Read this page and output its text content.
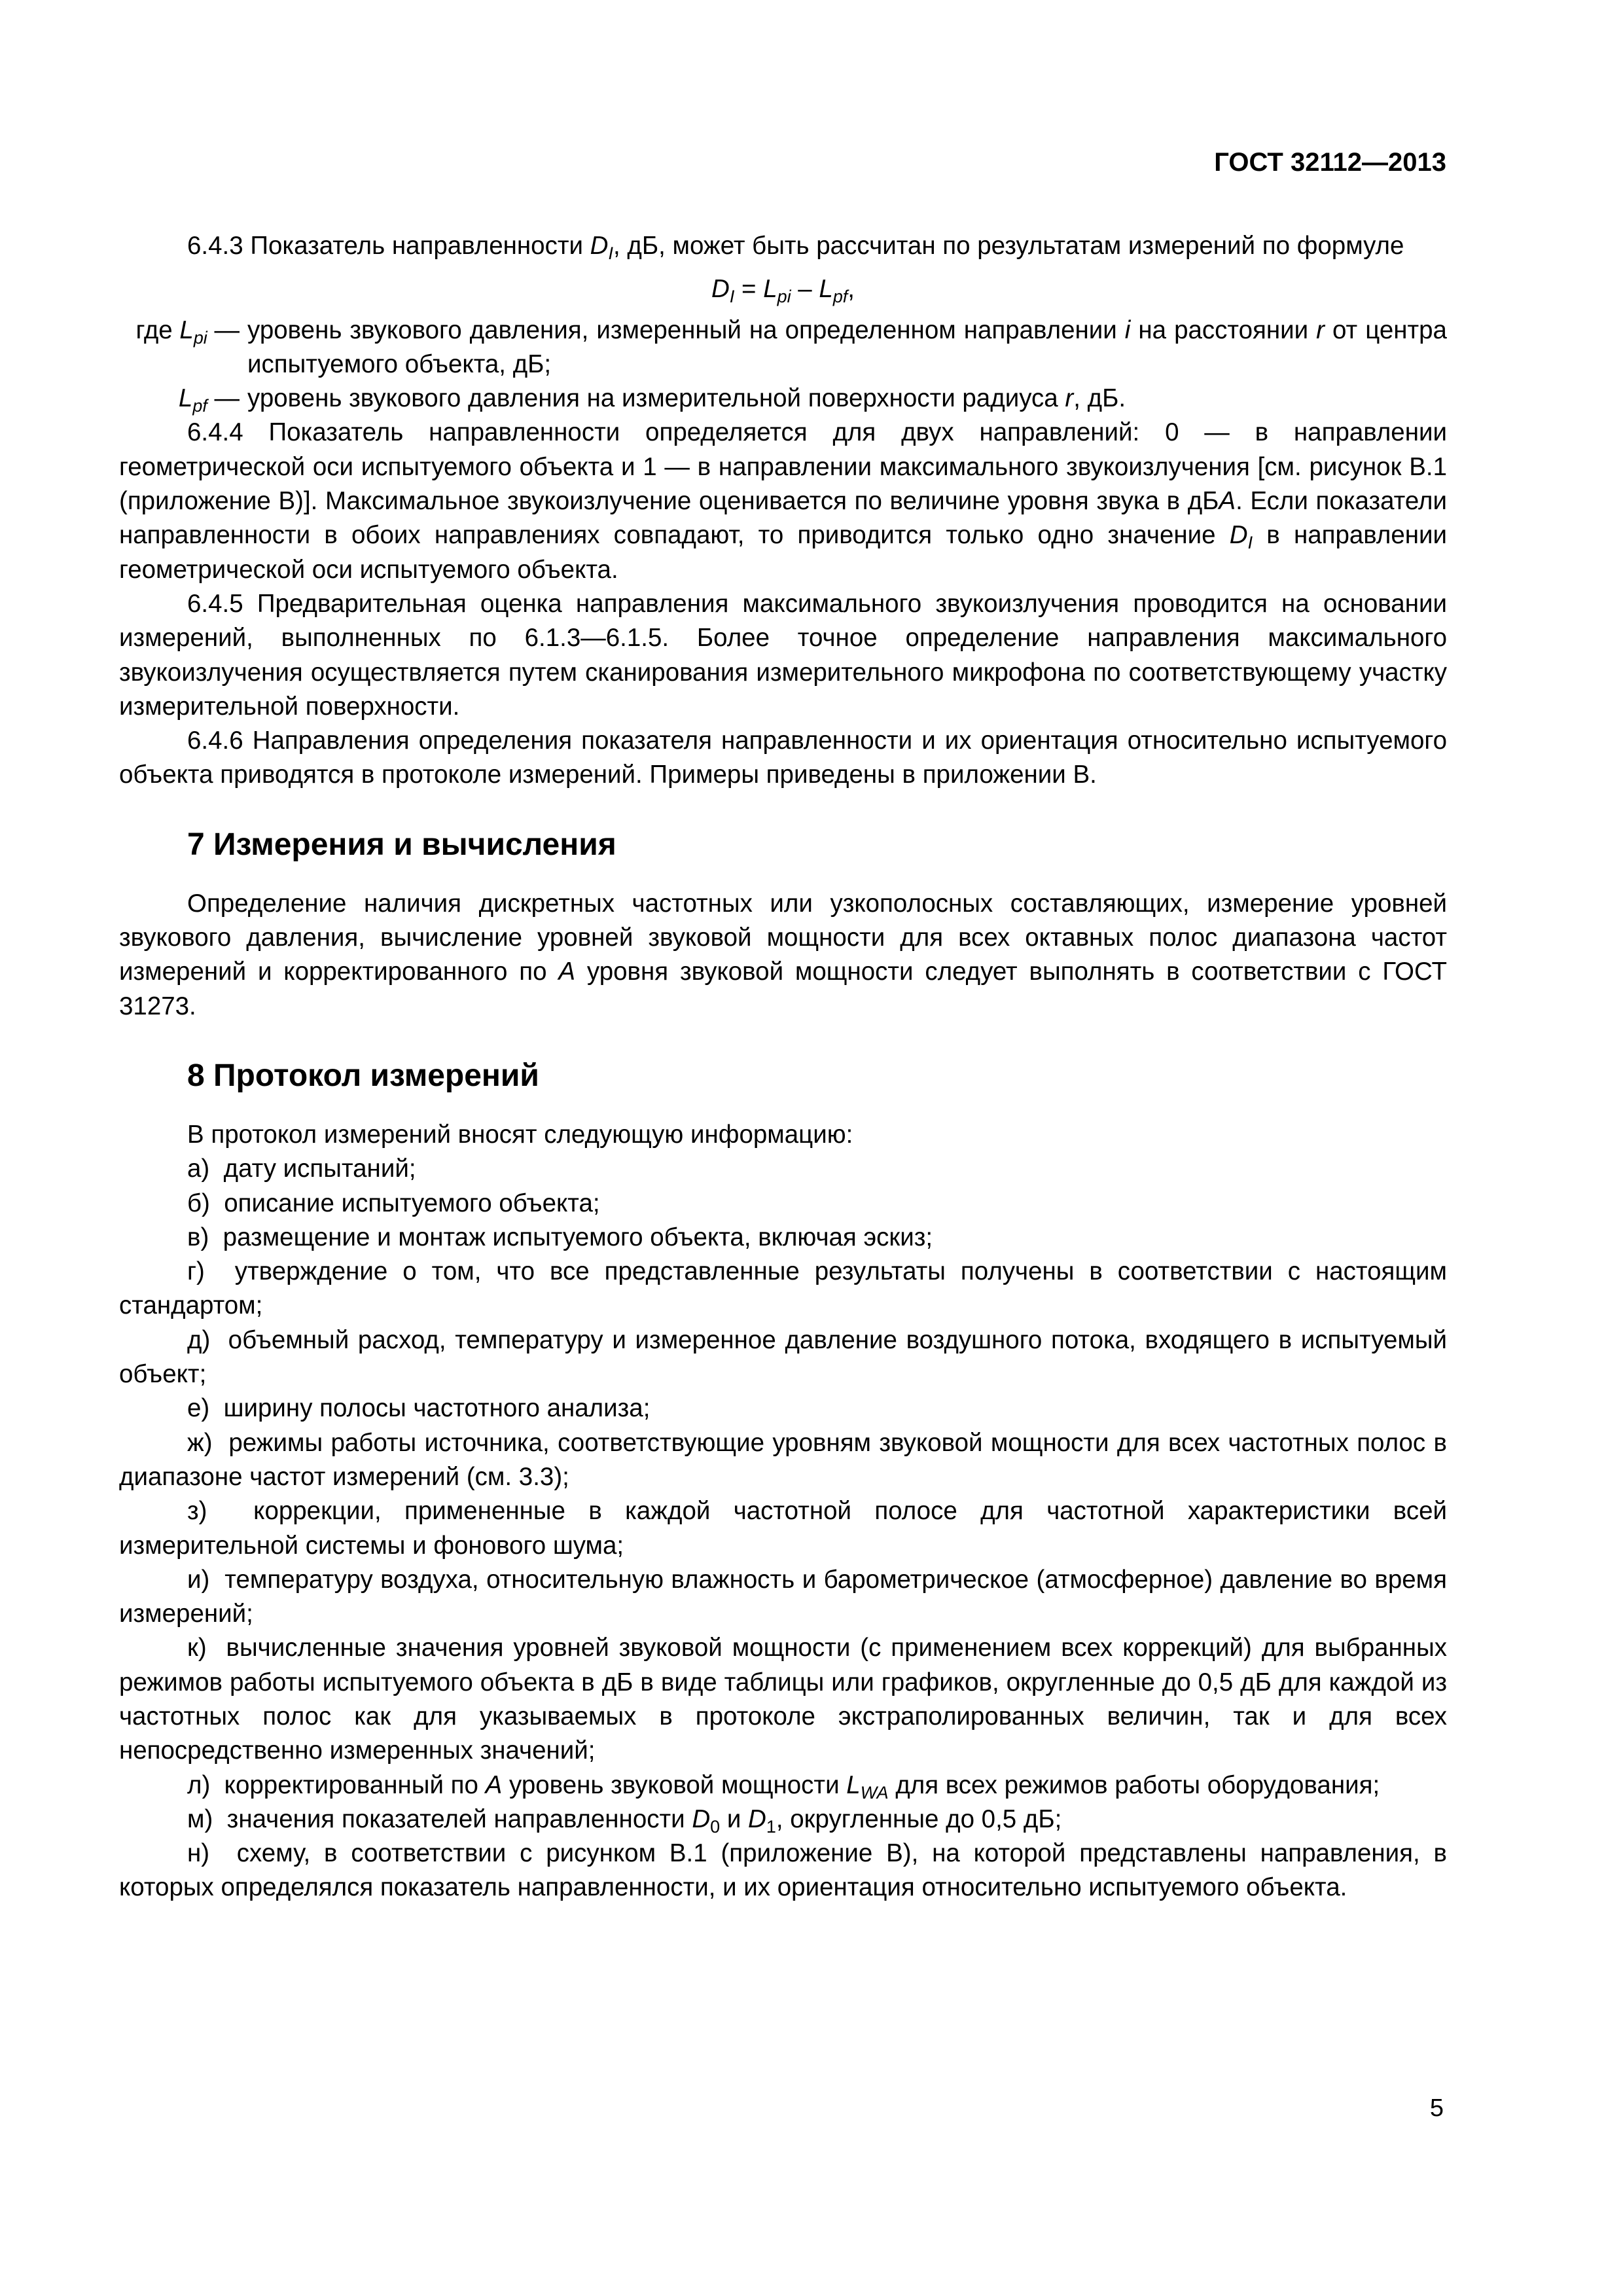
ГОСТ 32112—2013

6.4.3 Показатель направленности $D_I$, дБ, может быть рассчитан по результатам измерений по формуле

$D_I = L_{pi} - L_{pf}$,
где $L_{pi}$ — уровень звукового давления, измеренный на определенном направлении i на расстоянии r от центра испытуемого объекта, дБ;
$L_{pf}$ — уровень звукового давления на измерительной поверхности радиуса r, дБ.

6.4.4 Показатель направленности определяется для двух направлений: 0 — в направлении геометрической оси испытуемого объекта и 1 — в направлении максимального звукоизлучения [см. рисунок В.1 (приложение В)]. Максимальное звукоизлучение оценивается по величине уровня звука в дБA. Если показатели направленности в обоих направлениях совпадают, то приводится только одно значение $D_I$ в направлении геометрической оси испытуемого объекта.

6.4.5 Предварительная оценка направления максимального звукоизлучения проводится на основании измерений, выполненных по 6.1.3—6.1.5. Более точное определение направления максимального звукоизлучения осуществляется путем сканирования измерительного микрофона по соответствующему участку измерительной поверхности.

6.4.6 Направления определения показателя направленности и их ориентация относительно испытуемого объекта приводятся в протоколе измерений. Примеры приведены в приложении В.

7 Измерения и вычисления

Определение наличия дискретных частотных или узкополосных составляющих, измерение уровней звукового давления, вычисление уровней звуковой мощности для всех октавных полос диапазона частот измерений и корректированного по A уровня звуковой мощности следует выполнять в соответствии с ГОСТ 31273.

8 Протокол измерений

В протокол измерений вносят следующую информацию:

а)  дату испытаний;

б)  описание испытуемого объекта;

в)  размещение и монтаж испытуемого объекта, включая эскиз;

г)  утверждение о том, что все представленные результаты получены в соответствии с настоящим стандартом;

д)  объемный расход, температуру и измеренное давление воздушного потока, входящего в испытуемый объект;

е)  ширину полосы частотного анализа;

ж)  режимы работы источника, соответствующие уровням звуковой мощности для всех частотных полос в диапазоне частот измерений (см. 3.3);

з)  коррекции, примененные в каждой частотной полосе для частотной характеристики всей измерительной системы и фонового шума;

и)  температуру воздуха, относительную влажность и барометрическое (атмосферное) давление во время измерений;

к)  вычисленные значения уровней звуковой мощности (с применением всех коррекций) для выбранных режимов работы испытуемого объекта в дБ в виде таблицы или графиков, округленные до 0,5 дБ для каждой из частотных полос как для указываемых в протоколе экстраполированных величин, так и для всех непосредственно измеренных значений;

л)  корректированный по A уровень звуковой мощности $L_{WA}$ для всех режимов работы оборудования;

м)  значения показателей направленности $D_0$ и $D_1$, округленные до 0,5 дБ;

н)  схему, в соответствии с рисунком В.1 (приложение В), на которой представлены направления, в которых определялся показатель направленности, и их ориентация относительно испытуемого объекта.

5
